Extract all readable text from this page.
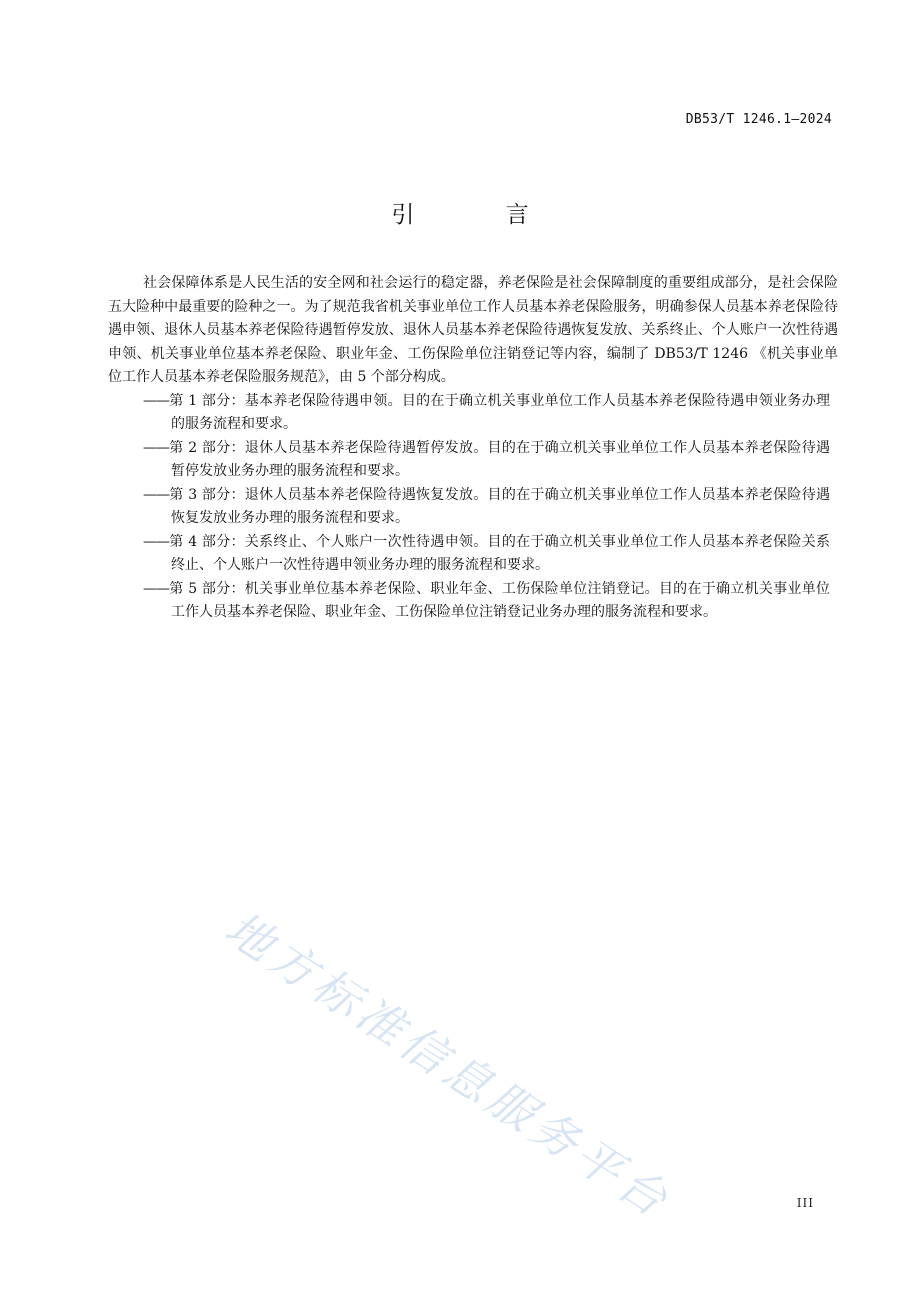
DB53/T 1246.1—2024
引 言

社会保障体系是人民生活的安全网和社会运行的稳定器，养老保险是社会保障制度的重要组成部分，是社会保险五大险种中最重要的险种之一。为了规范我省机关事业单位工作人员基本养老保险服务，明确参保人员基本养老保险待遇申领、退休人员基本养老保险待遇暂停发放、退休人员基本养老保险待遇恢复发放、关系终止、个人账户一次性待遇申领、机关事业单位基本养老保险、职业年金、工伤保险单位注销登记等内容，编制了 DB53/T 1246 《机关事业单位工作人员基本养老保险服务规范》，由 5 个部分构成。

——第 1 部分：基本养老保险待遇申领。目的在于确立机关事业单位工作人员基本养老保险待遇申领业务办理的服务流程和要求。

——第 2 部分：退休人员基本养老保险待遇暂停发放。目的在于确立机关事业单位工作人员基本养老保险待遇暂停发放业务办理的服务流程和要求。

——第 3 部分：退休人员基本养老保险待遇恢复发放。目的在于确立机关事业单位工作人员基本养老保险待遇恢复发放业务办理的服务流程和要求。

——第 4 部分：关系终止、个人账户一次性待遇申领。目的在于确立机关事业单位工作人员基本养老保险关系终止、个人账户一次性待遇申领业务办理的服务流程和要求。

——第 5 部分：机关事业单位基本养老保险、职业年金、工伤保险单位注销登记。目的在于确立机关事业单位工作人员基本养老保险、职业年金、工伤保险单位注销登记业务办理的服务流程和要求。

地方标准信息服务平台	III
